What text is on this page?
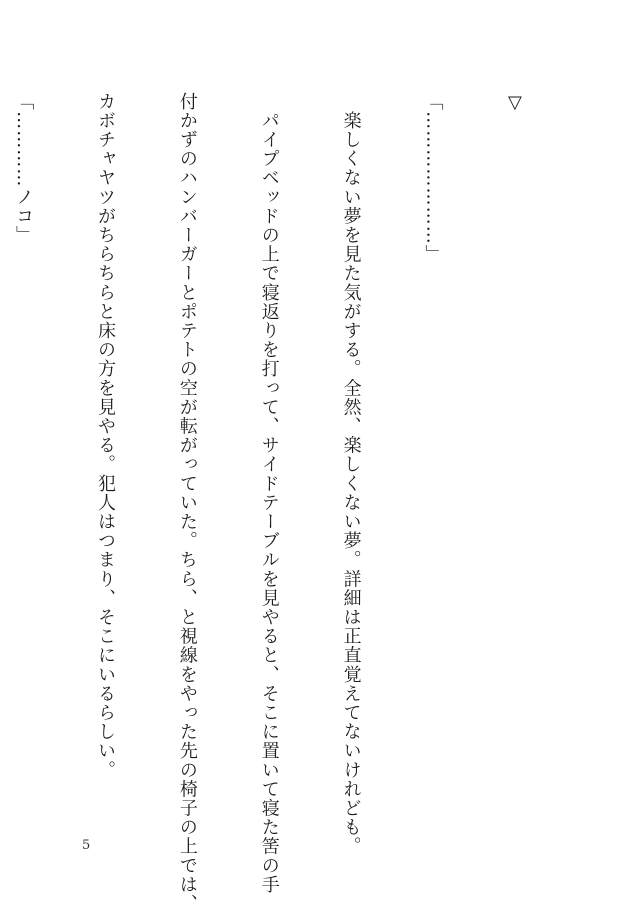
▽

「…………………」

　楽しくない夢を見た気がする。全然、楽しくない夢。詳細は正直覚えてないけれども。

　パイプベッドの上で寝返りを打って、サイドテーブルを見やると、そこに置いて寝た筈の手

付かずのハンバーガーとポテトの空が転がっていた。ちら、と視線をやった先の椅子の上では、

カボチャヤツがちらちらと床の方を見やる。犯人はつまり、そこにいるらしい。

「…………ノコ」

5
